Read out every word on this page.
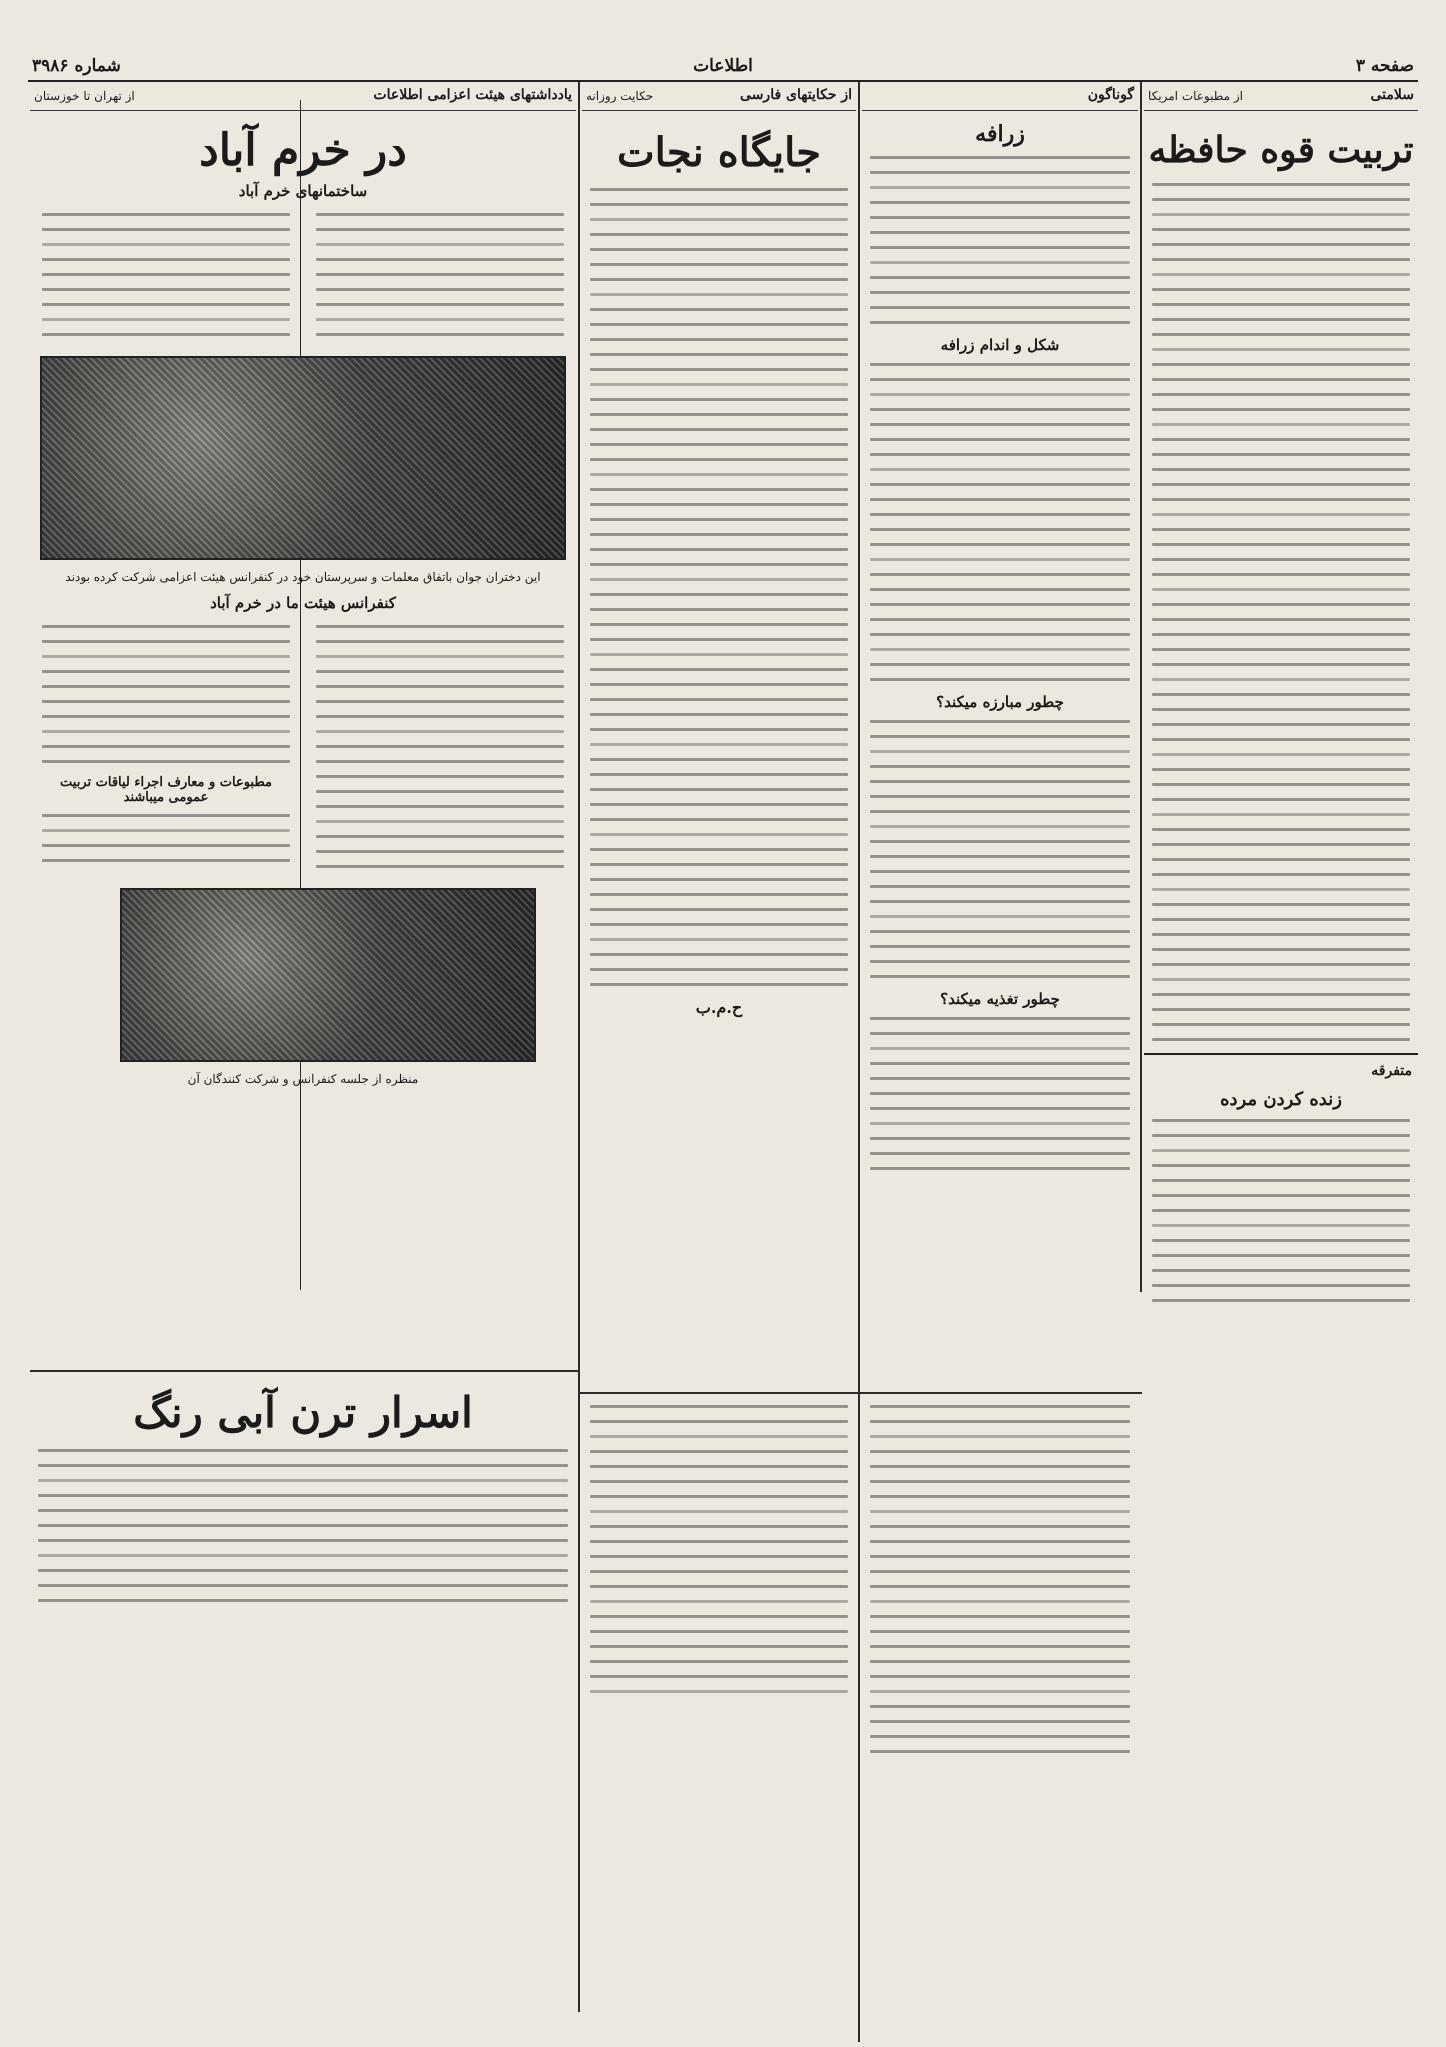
شماره ۳۹۸۶	اطلاعات	صفحه ۳
سلامتی
از مطبوعات امریکا
تربیت قوه حافظه
متفرقه
زنده کردن مرده
گوناگون
زرافه
شکل و اندام زرافه
چطور مبارزه میکند؟
چطور تغذیه میکند؟
از حکایتهای فارسی
حکایت روزانه
جایگاه نجات
ح.م.ب
یادداشتهای هیئت اعزامی اطلاعات
از تهران تا خوزستان
در خرم آباد
ساختمانهای خرم آباد
این دختران جوان باتفاق معلمات و سرپرستان خود در کنفرانس هیئت اعزامی شرکت کرده بودند
کنفرانس هیئت ما در خرم آباد
مطبوعات و معارف اجراء لیاقات تربیت عمومی میباشند
منظره از جلسه کنفرانس و شرکت کنندگان آن
اسرار ترن آبی رنگ
